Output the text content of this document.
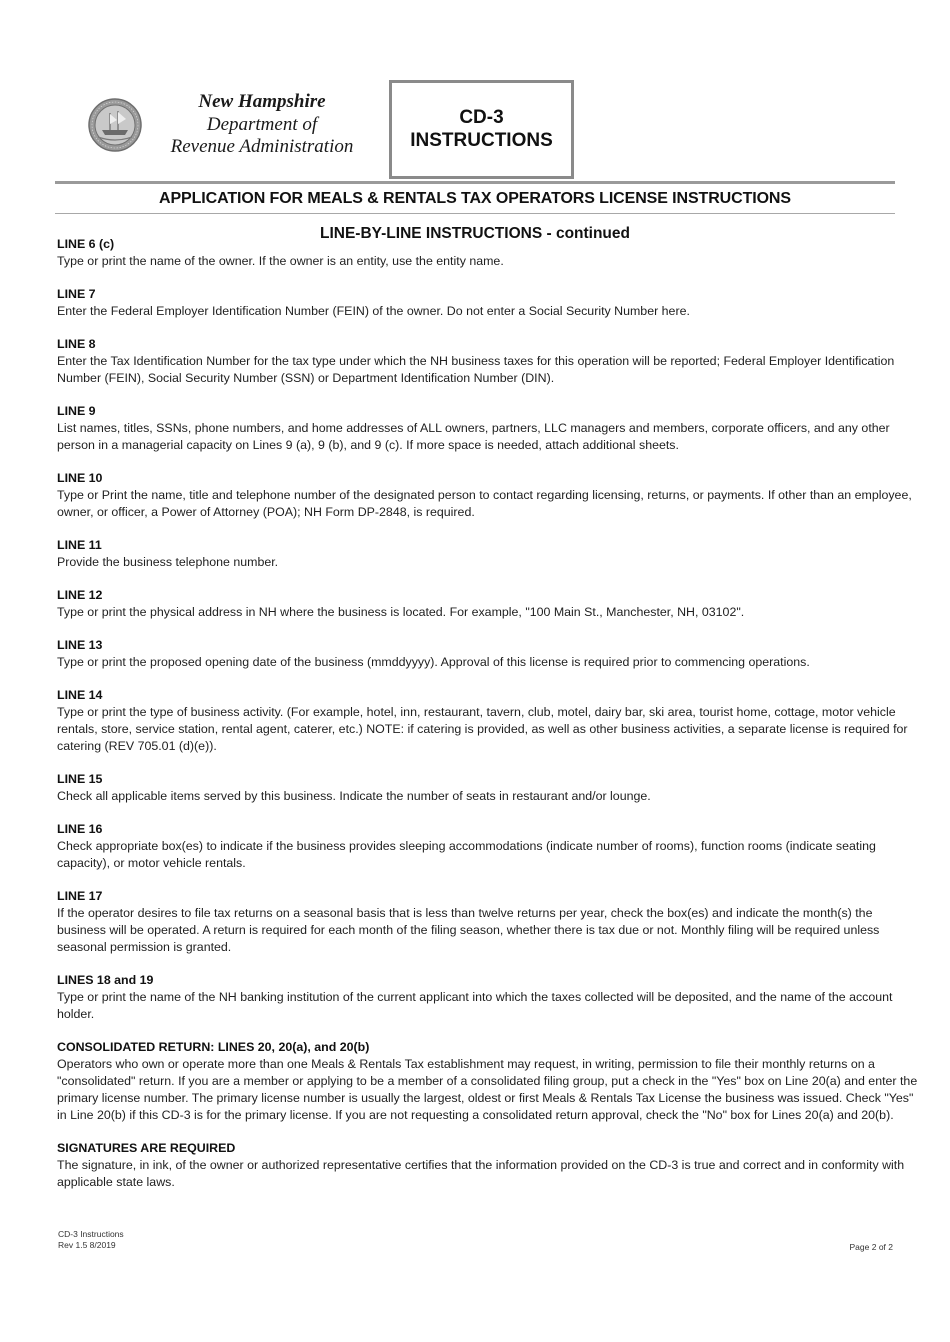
New Hampshire
Department of
Revenue Administration
CD-3
INSTRUCTIONS
APPLICATION FOR MEALS & RENTALS TAX OPERATORS LICENSE INSTRUCTIONS
LINE-BY-LINE INSTRUCTIONS - continued
LINE 6 (c)

Type or print the name of the owner. If the owner is an entity, use the entity name.

LINE 7

Enter the Federal Employer Identification Number (FEIN) of the owner. Do not enter a Social Security Number here.

LINE 8

Enter the Tax Identification Number for the tax type under which the NH business taxes for this operation will be reported; Federal Employer Identification Number (FEIN), Social Security Number (SSN) or Department Identification Number (DIN).

LINE 9

List names, titles, SSNs, phone numbers, and home addresses of ALL owners, partners, LLC managers and members, corporate officers, and any other person in a managerial capacity on Lines 9 (a), 9 (b), and 9 (c). If more space is needed, attach additional sheets.

LINE 10

Type or Print the name, title and telephone number of the designated person to contact regarding licensing, returns, or payments. If other than an employee, owner, or officer, a Power of Attorney (POA); NH Form DP-2848, is required.

LINE 11

Provide the business telephone number.

LINE 12

Type or print the physical address in NH where the business is located. For example, "100 Main St., Manchester, NH, 03102".

LINE 13

Type or print the proposed opening date of the business (mmddyyyy). Approval of this license is required prior to commencing operations.

LINE 14

Type or print the type of business activity. (For example, hotel, inn, restaurant, tavern, club, motel, dairy bar, ski area, tourist home, cottage, motor vehicle rentals, store, service station, rental agent, caterer, etc.) NOTE: if catering is provided, as well as other business activities, a separate license is required for catering (REV 705.01 (d)(e)).

LINE 15

Check all applicable items served by this business. Indicate the number of seats in restaurant and/or lounge.

LINE 16

Check appropriate box(es) to indicate if the business provides sleeping accommodations (indicate number of rooms), function rooms (indicate seating capacity), or motor vehicle rentals.

LINE 17

If the operator desires to file tax returns on a seasonal basis that is less than twelve returns per year, check the box(es) and indicate the month(s) the business will be operated. A return is required for each month of the filing season, whether there is tax due or not. Monthly filing will be required unless seasonal permission is granted.

LINES 18 and 19

Type or print the name of the NH banking institution of the current applicant into which the taxes collected will be deposited, and the name of the account holder.

CONSOLIDATED RETURN: LINES 20, 20(a), and 20(b)

Operators who own or operate more than one Meals & Rentals Tax establishment may request, in writing, permission to file their monthly returns on a "consolidated" return. If you are a member or applying to be a member of a consolidated filing group, put a check in the "Yes" box on Line 20(a) and enter the primary license number. The primary license number is usually the largest, oldest or first Meals & Rentals Tax License the business was issued. Check "Yes" in Line 20(b) if this CD-3 is for the primary license. If you are not requesting a consolidated return approval, check the "No" box for Lines 20(a) and 20(b).

SIGNATURES ARE REQUIRED

The signature, in ink, of the owner or authorized representative certifies that the information provided on the CD-3 is true and correct and in conformity with applicable state laws.

CD-3 Instructions
Rev 1.5 8/2019	Page 2 of 2
